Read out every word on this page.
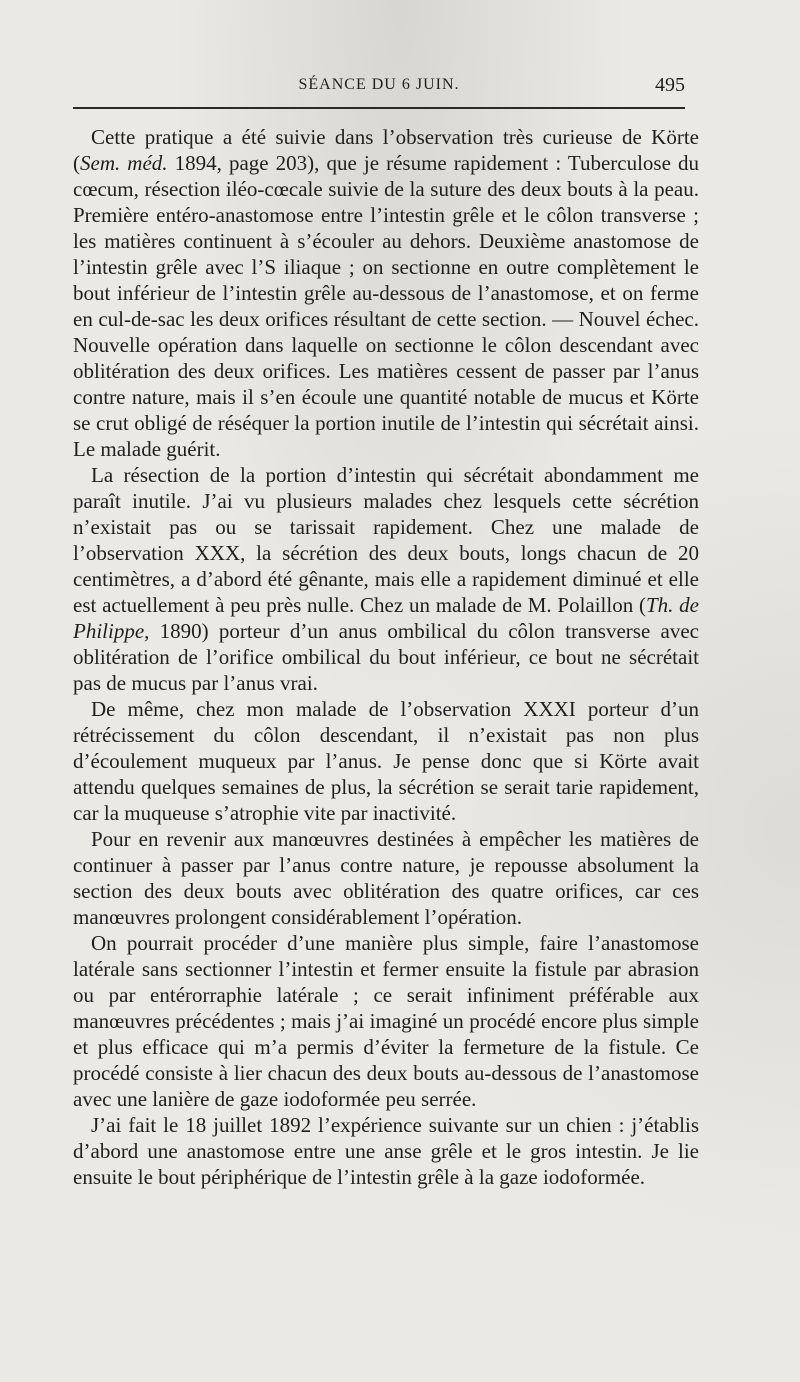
SÉANCE DU 6 JUIN.	495

Cette pratique a été suivie dans l’observation très curieuse de Körte (Sem. méd. 1894, page 203), que je résume rapidement : Tuberculose du cœcum, résection iléo-cœcale suivie de la suture des deux bouts à la peau. Première entéro-anastomose entre l’intestin grêle et le côlon transverse ; les matières continuent à s’écouler au dehors. Deuxième anastomose de l’intestin grêle avec l’S iliaque ; on sectionne en outre complètement le bout inférieur de l’intestin grêle au-dessous de l’anastomose, et on ferme en cul-de-sac les deux orifices résultant de cette section. — Nouvel échec. Nouvelle opération dans laquelle on sectionne le côlon descendant avec oblitération des deux orifices. Les matières cessent de passer par l’anus contre nature, mais il s’en écoule une quantité notable de mucus et Körte se crut obligé de réséquer la portion inutile de l’intestin qui sécrétait ainsi. Le malade guérit.

La résection de la portion d’intestin qui sécrétait abondamment me paraît inutile. J’ai vu plusieurs malades chez lesquels cette sécrétion n’existait pas ou se tarissait rapidement. Chez une malade de l’observation XXX, la sécrétion des deux bouts, longs chacun de 20 centimètres, a d’abord été gênante, mais elle a rapidement diminué et elle est actuellement à peu près nulle. Chez un malade de M. Polaillon (Th. de Philippe, 1890) porteur d’un anus ombilical du côlon transverse avec oblitération de l’orifice ombilical du bout inférieur, ce bout ne sécrétait pas de mucus par l’anus vrai.

De même, chez mon malade de l’observation XXXI porteur d’un rétrécissement du côlon descendant, il n’existait pas non plus d’écoulement muqueux par l’anus. Je pense donc que si Körte avait attendu quelques semaines de plus, la sécrétion se serait tarie rapidement, car la muqueuse s’atrophie vite par inactivité.

Pour en revenir aux manœuvres destinées à empêcher les matières de continuer à passer par l’anus contre nature, je repousse absolument la section des deux bouts avec oblitération des quatre orifices, car ces manœuvres prolongent considérablement l’opération.

On pourrait procéder d’une manière plus simple, faire l’anastomose latérale sans sectionner l’intestin et fermer ensuite la fistule par abrasion ou par entérorraphie latérale ; ce serait infiniment préférable aux manœuvres précédentes ; mais j’ai imaginé un procédé encore plus simple et plus efficace qui m’a permis d’éviter la fermeture de la fistule. Ce procédé consiste à lier chacun des deux bouts au-dessous de l’anastomose avec une lanière de gaze iodoformée peu serrée.

J’ai fait le 18 juillet 1892 l’expérience suivante sur un chien : j’établis d’abord une anastomose entre une anse grêle et le gros intestin. Je lie ensuite le bout périphérique de l’intestin grêle à la gaze iodoformée.
